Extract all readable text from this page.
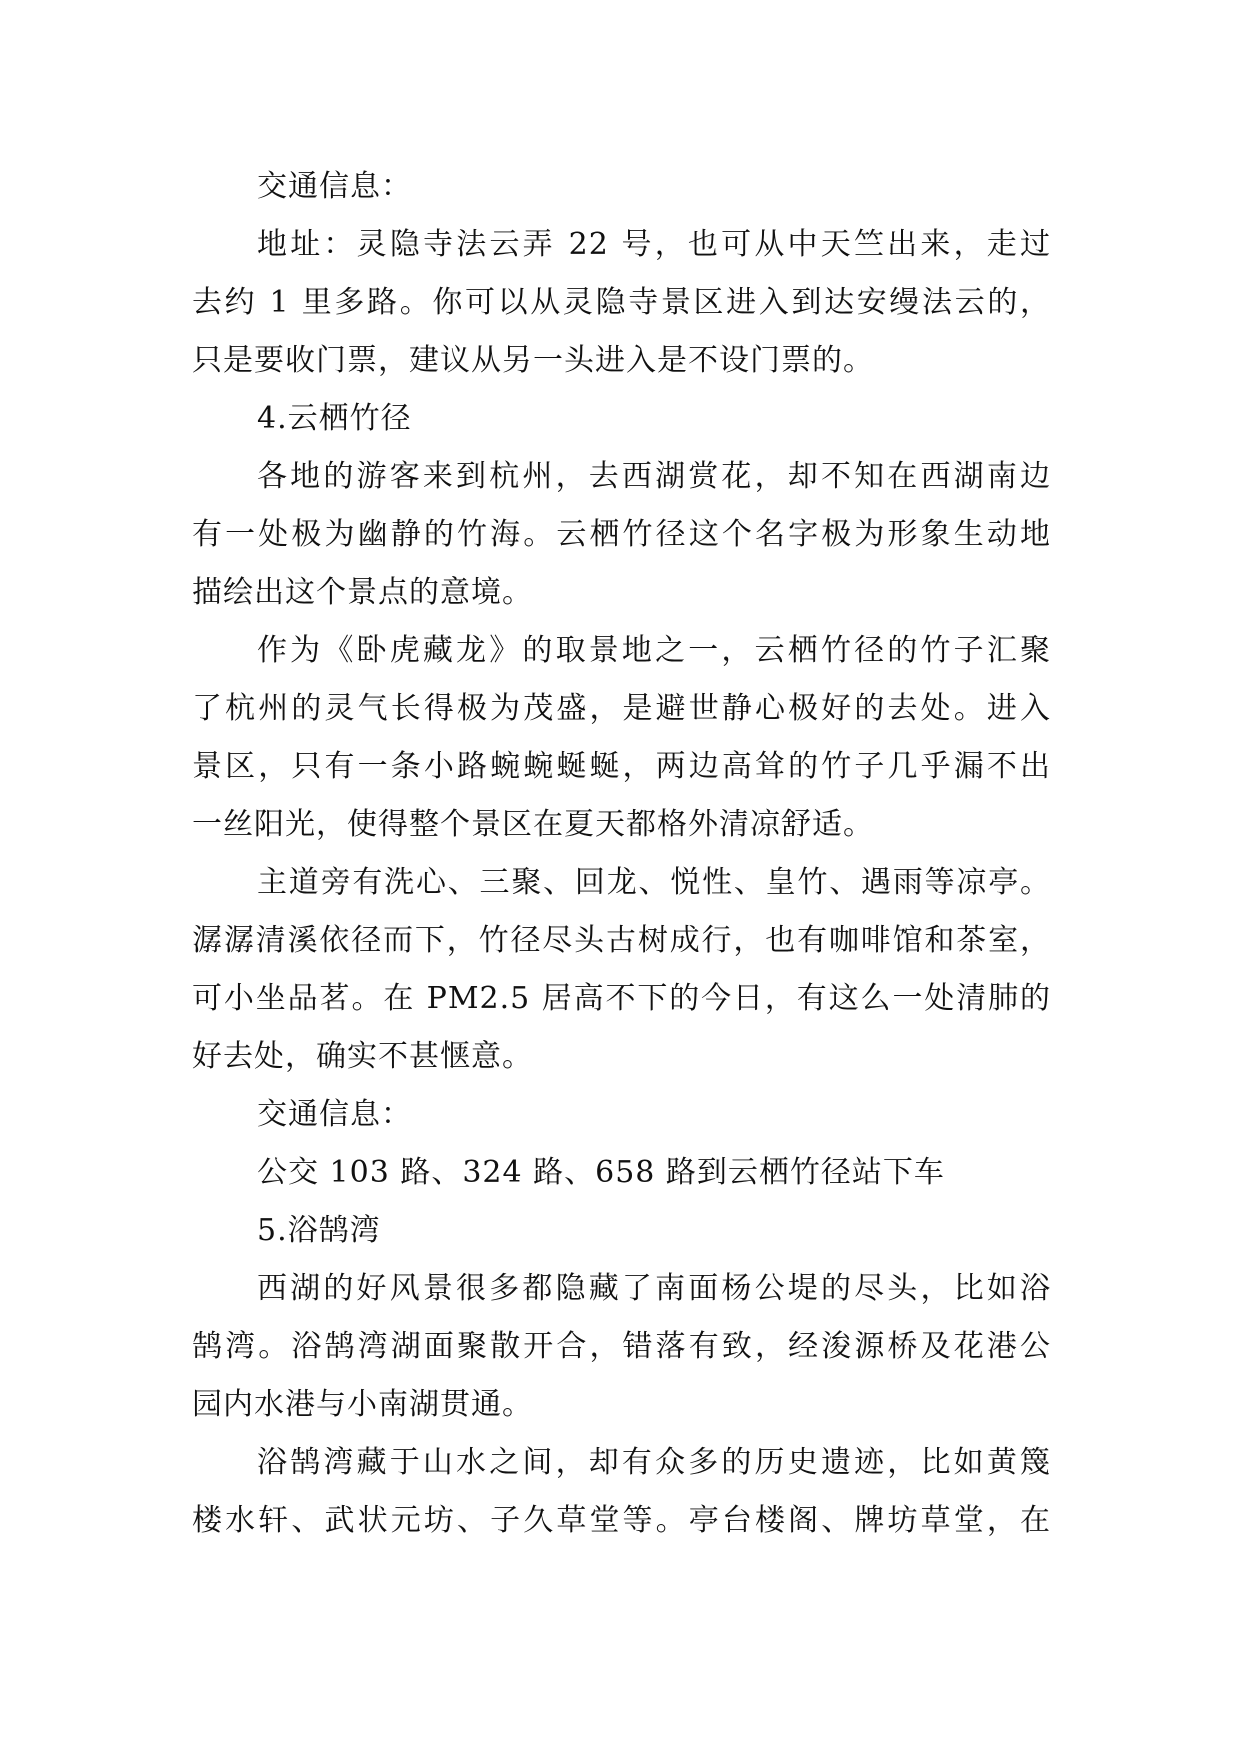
交通信息：
地址：灵隐寺法云弄 22 号，也可从中天竺出来，走过
去约 1 里多路。你可以从灵隐寺景区进入到达安缦法云的，
只是要收门票，建议从另一头进入是不设门票的。
4.云栖竹径
各地的游客来到杭州，去西湖赏花，却不知在西湖南边
有一处极为幽静的竹海。云栖竹径这个名字极为形象生动地
描绘出这个景点的意境。
作为《卧虎藏龙》的取景地之一，云栖竹径的竹子汇聚
了杭州的灵气长得极为茂盛，是避世静心极好的去处。进入
景区，只有一条小路蜿蜿蜒蜒，两边高耸的竹子几乎漏不出
一丝阳光，使得整个景区在夏天都格外清凉舒适。
主道旁有洗心、三聚、回龙、悦性、皇竹、遇雨等凉亭。
潺潺清溪依径而下，竹径尽头古树成行，也有咖啡馆和茶室，
可小坐品茗。在 PM2.5 居高不下的今日，有这么一处清肺的
好去处，确实不甚惬意。
交通信息：
公交 103 路、324 路、658 路到云栖竹径站下车
5.浴鹄湾
西湖的好风景很多都隐藏了南面杨公堤的尽头，比如浴
鹄湾。浴鹄湾湖面聚散开合，错落有致，经浚源桥及花港公
园内水港与小南湖贯通。
浴鹄湾藏于山水之间，却有众多的历史遗迹，比如黄篾
楼水轩、武状元坊、子久草堂等。亭台楼阁、牌坊草堂，在
